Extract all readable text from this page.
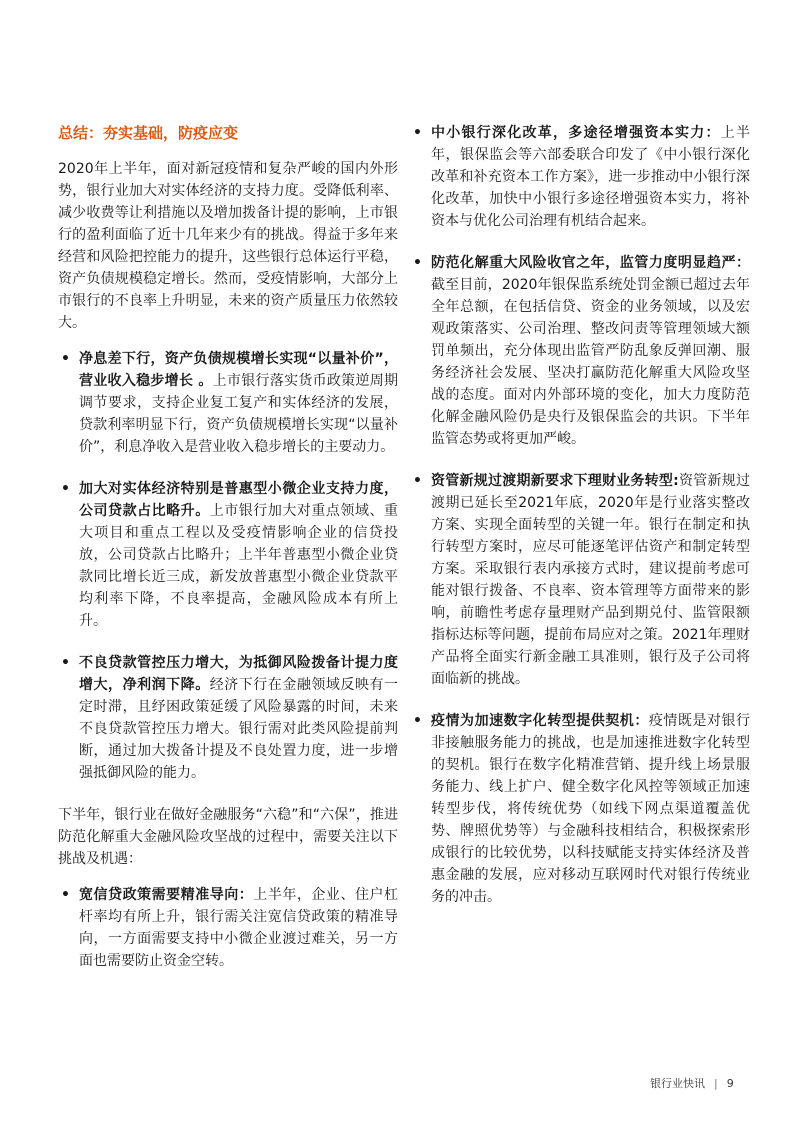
总结：夯实基础，防疫应变
2020年上半年，面对新冠疫情和复杂严峻的国内外形势，银行业加大对实体经济的支持力度。受降低利率、减少收费等让利措施以及增加拨备计提的影响，上市银行的盈利面临了近十几年来少有的挑战。得益于多年来经营和风险把控能力的提升，这些银行总体运行平稳，资产负债规模稳定增长。然而，受疫情影响，大部分上市银行的不良率上升明显，未来的资产质量压力依然较大。
• 净息差下行，资产负债规模增长实现“以量补价”，营业收入稳步增长 。上市银行落实货币政策逆周期调节要求，支持企业复工复产和实体经济的发展，贷款利率明显下行，资产负债规模增长实现“以量补价”，利息净收入是营业收入稳步增长的主要动力。
• 加大对实体经济特别是普惠型小微企业支持力度，公司贷款占比略升。上市银行加大对重点领域、重大项目和重点工程以及受疫情影响企业的信贷投放，公司贷款占比略升；上半年普惠型小微企业贷款同比增长近三成，新发放普惠型小微企业贷款平均利率下降，不良率提高，金融风险成本有所上升。
• 不良贷款管控压力增大，为抵御风险拨备计提力度增大，净利润下降。经济下行在金融领域反映有一定时滞，且纾困政策延缓了风险暴露的时间，未来不良贷款管控压力增大。银行需对此类风险提前判断，通过加大拨备计提及不良处置力度，进一步增强抵御风险的能力。
下半年，银行业在做好金融服务“六稳”和“六保”，推进防范化解重大金融风险攻坚战的过程中，需要关注以下挑战及机遇：
• 宽信贷政策需要精准导向：上半年，企业、住户杠杆率均有所上升，银行需关注宽信贷政策的精准导向，一方面需要支持中小微企业渡过难关，另一方面也需要防止资金空转。
• 中小银行深化改革，多途径增强资本实力：上半年，银保监会等六部委联合印发了《中小银行深化改革和补充资本工作方案》，进一步推动中小银行深化改革，加快中小银行多途径增强资本实力，将补资本与优化公司治理有机结合起来。
• 防范化解重大风险收官之年，监管力度明显趋严：截至目前，2020年银保监系统处罚金额已超过去年全年总额，在包括信贷、资金的业务领域，以及宏观政策落实、公司治理、整改问责等管理领域大额罚单频出，充分体现出监管严防乱象反弹回潮、服务经济社会发展、坚决打赢防范化解重大风险攻坚战的态度。面对内外部环境的变化，加大力度防范化解金融风险仍是央行及银保监会的共识。下半年监管态势或将更加严峻。
• 资管新规过渡期新要求下理财业务转型:资管新规过渡期已延长至2021年底，2020年是行业落实整改方案、实现全面转型的关键一年。银行在制定和执行转型方案时，应尽可能逐笔评估资产和制定转型方案。采取银行表内承接方式时，建议提前考虑可能对银行拨备、不良率、资本管理等方面带来的影响，前瞻性考虑存量理财产品到期兑付、监管限额指标达标等问题，提前布局应对之策。2021年理财产品将全面实行新金融工具准则，银行及子公司将面临新的挑战。
• 疫情为加速数字化转型提供契机：疫情既是对银行非接触服务能力的挑战，也是加速推进数字化转型的契机。银行在数字化精准营销、提升线上场景服务能力、线上扩户、健全数字化风控等领域正加速转型步伐，将传统优势（如线下网点渠道覆盖优势、牌照优势等）与金融科技相结合，积极探索形成银行的比较优势，以科技赋能支持实体经济及普惠金融的发展，应对移动互联网时代对银行传统业务的冲击。
银行业快讯 | 9
